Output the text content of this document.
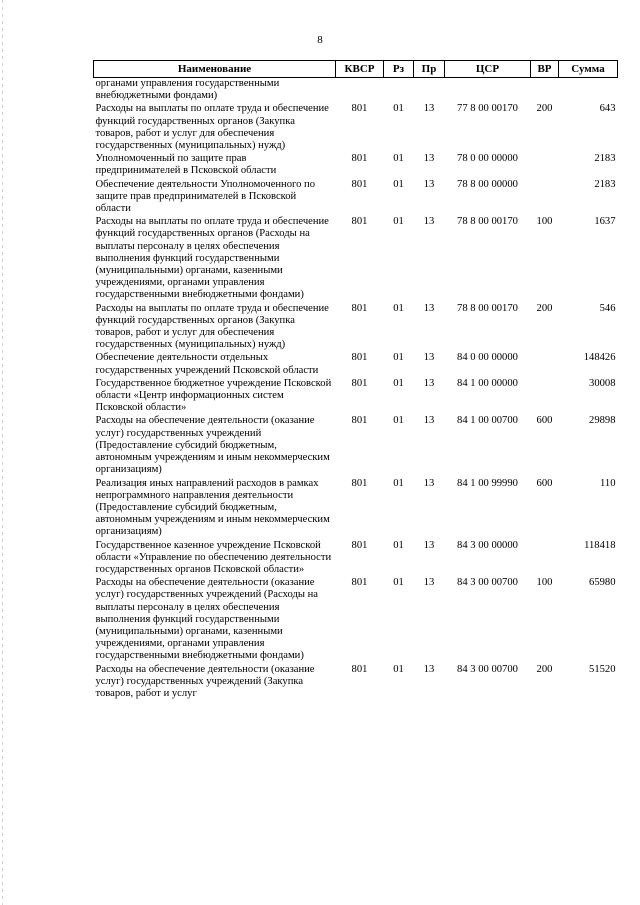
8
Наименование	КВСР	Рз	Пр	ЦСР	ВР	Сумма
органами управления государственными внебюджетными фондами)						
Расходы на выплаты по оплате труда и обеспечение функций государственных органов (Закупка товаров, работ и услуг для обеспечения государственных (муниципальных) нужд)	801	01	13	77 8 00 00170	200	643
Уполномоченный по защите прав предпринимателей в Псковской области	801	01	13	78 0 00 00000		2183
Обеспечение деятельности Уполномоченного по защите прав предпринимателей в Псковской области	801	01	13	78 8 00 00000		2183
Расходы на выплаты по оплате труда и обеспечение функций государственных органов (Расходы на выплаты персоналу в целях обеспечения выполнения функций государственными (муниципальными) органами, казенными учреждениями, органами управления государственными внебюджетными фондами)	801	01	13	78 8 00 00170	100	1637
Расходы на выплаты по оплате труда и обеспечение функций государственных органов (Закупка товаров, работ и услуг для обеспечения государственных (муниципальных) нужд)	801	01	13	78 8 00 00170	200	546
Обеспечение деятельности отдельных государственных учреждений Псковской области	801	01	13	84 0 00 00000		148426
Государственное бюджетное учреждение Псковской области «Центр информационных систем Псковской области»	801	01	13	84 1 00 00000		30008
Расходы на обеспечение деятельности (оказание услуг) государственных учреждений (Предоставление субсидий бюджетным, автономным учреждениям и иным некоммерческим организациям)	801	01	13	84 1 00 00700	600	29898
Реализация иных направлений расходов в рамках непрограммного направления деятельности (Предоставление субсидий бюджетным, автономным учреждениям и иным некоммерческим организациям)	801	01	13	84 1 00 99990	600	110
Государственное казенное учреждение Псковской области «Управление по обеспечению деятельности государственных органов Псковской области»	801	01	13	84 3 00 00000		118418
Расходы на обеспечение деятельности (оказание услуг) государственных учреждений (Расходы на выплаты персоналу в целях обеспечения выполнения функций государственными (муниципальными) органами, казенными учреждениями, органами управления государственными внебюджетными фондами)	801	01	13	84 3 00 00700	100	65980
Расходы на обеспечение деятельности (оказание услуг) государственных учреждений (Закупка товаров, работ и услуг	801	01	13	84 3 00 00700	200	51520
